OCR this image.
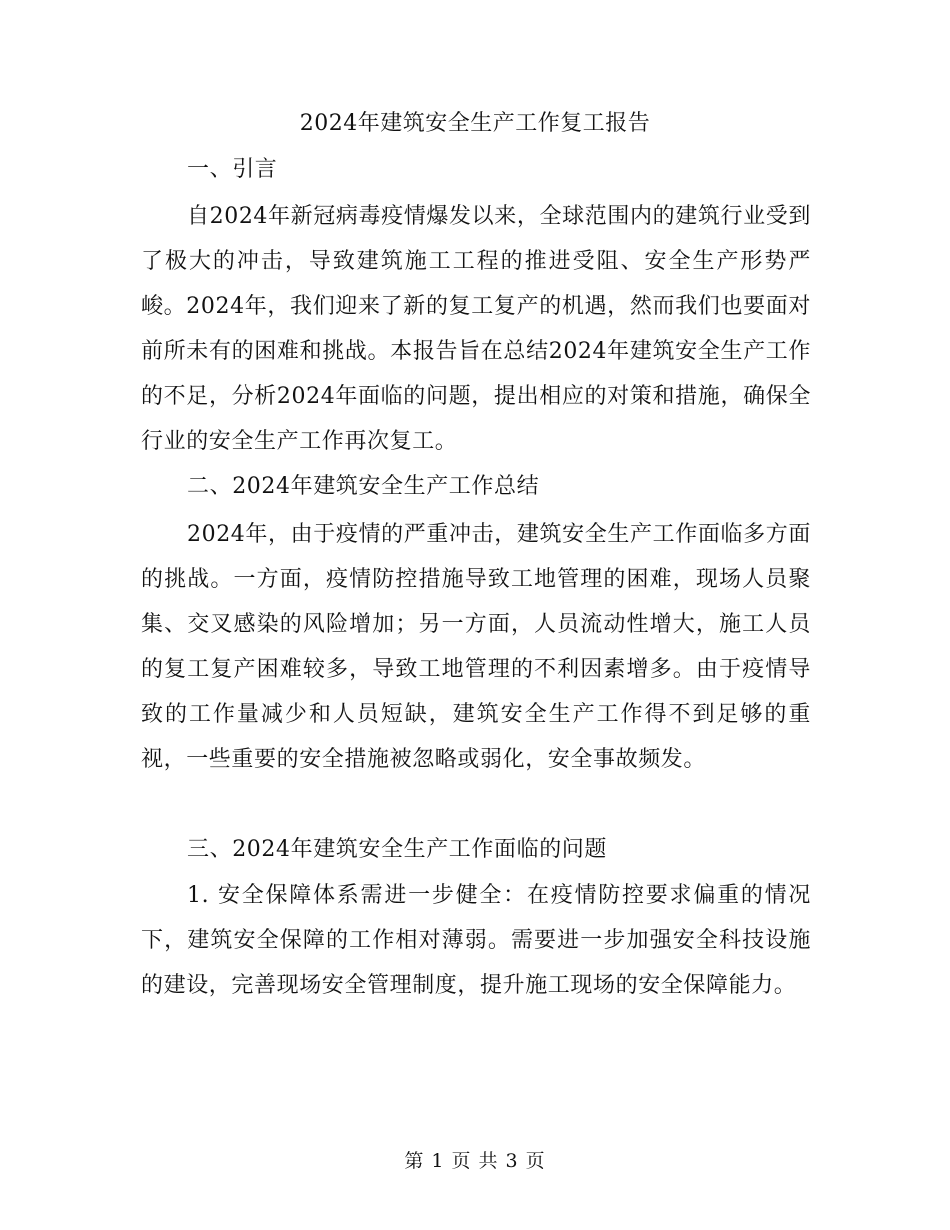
2024年建筑安全生产工作复工报告
一、引言
自2024年新冠病毒疫情爆发以来，全球范围内的建筑行业受到了极大的冲击，导致建筑施工工程的推进受阻、安全生产形势严峻。2024年，我们迎来了新的复工复产的机遇，然而我们也要面对前所未有的困难和挑战。本报告旨在总结2024年建筑安全生产工作的不足，分析2024年面临的问题，提出相应的对策和措施，确保全行业的安全生产工作再次复工。
二、2024年建筑安全生产工作总结
2024年，由于疫情的严重冲击，建筑安全生产工作面临多方面的挑战。一方面，疫情防控措施导致工地管理的困难，现场人员聚集、交叉感染的风险增加；另一方面，人员流动性增大，施工人员的复工复产困难较多，导致工地管理的不利因素增多。由于疫情导致的工作量减少和人员短缺，建筑安全生产工作得不到足够的重视，一些重要的安全措施被忽略或弱化，安全事故频发。
三、2024年建筑安全生产工作面临的问题
1. 安全保障体系需进一步健全：在疫情防控要求偏重的情况下，建筑安全保障的工作相对薄弱。需要进一步加强安全科技设施的建设，完善现场安全管理制度，提升施工现场的安全保障能力。
第 1 页 共 3 页
